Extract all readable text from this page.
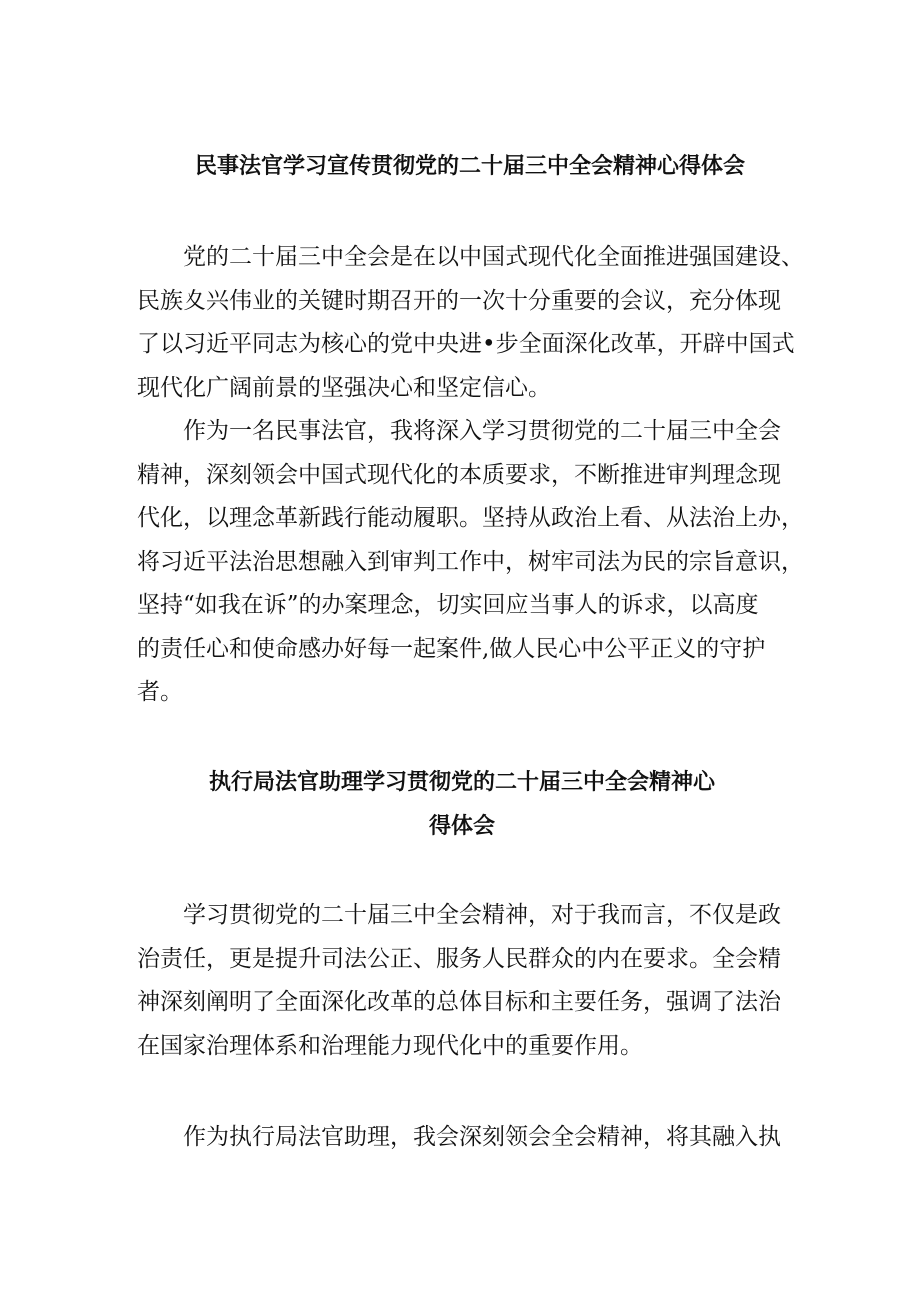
民事法官学习宣传贯彻党的二十届三中全会精神心得体会

党的二十届三中全会是在以中国式现代化全面推进强国建设、
民族夊兴伟业的关键时期召开的一次十分重要的会议，充分体现
了以习近平同志为核心的党中央进•步全面深化改革，开辟中国式
现代化广阔前景的坚强决心和坚定信心。

作为一名民事法官，我将深入学习贯彻党的二十届三中全会
精神，深刻领会中国式现代化的本质要求，不断推进审判理念现
代化，以理念革新践行能动履职。坚持从政治上看、从法治上办，
将习近平法治思想融入到审判工作中，树牢司法为民的宗旨意识，
坚持“如我在诉”的办案理念，切实回应当事人的诉求，以高度
的责任心和使命感办好每一起案件,做人民心中公平正义的守护
者。

执行局法官助理学习贯彻党的二十届三中全会精神心
得体会

学习贯彻党的二十届三中全会精神，对于我而言，不仅是政
治责任，更是提升司法公正、服务人民群众的内在要求。全会精
神深刻阐明了全面深化改革的总体目标和主要任务，强调了法治
在国家治理体系和治理能力现代化中的重要作用。

作为执行局法官助理，我会深刻领会全会精神，将其融入执
